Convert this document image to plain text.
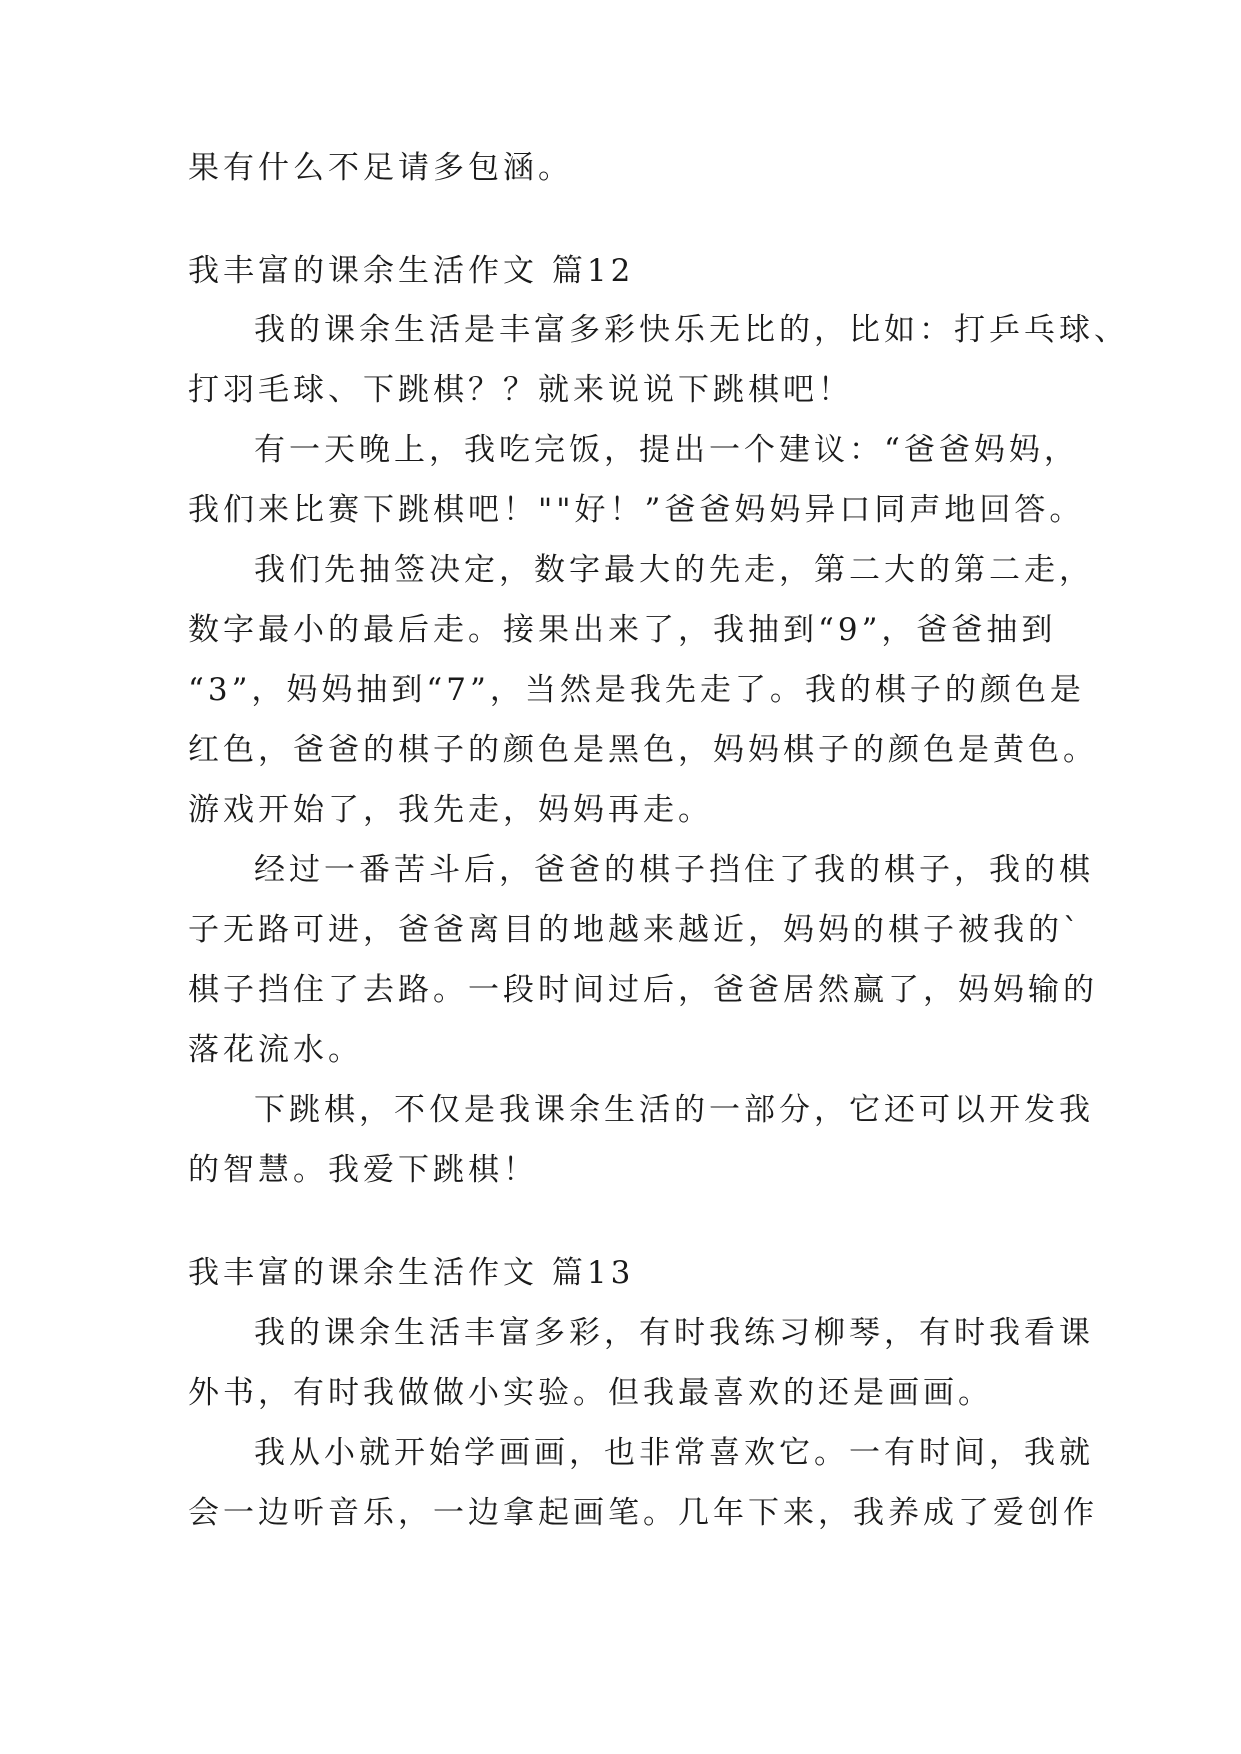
果有什么不足请多包涵。
我丰富的课余生活作文 篇12
我的课余生活是丰富多彩快乐无比的，比如：打乒乓球、
打羽毛球、下跳棋？？就来说说下跳棋吧！
有一天晚上，我吃完饭，提出一个建议：“爸爸妈妈，
我们来比赛下跳棋吧！""好！”爸爸妈妈异口同声地回答。
我们先抽签决定，数字最大的先走，第二大的第二走，
数字最小的最后走。接果出来了，我抽到“9”，爸爸抽到
“3”，妈妈抽到“7”，当然是我先走了。我的棋子的颜色是
红色，爸爸的棋子的颜色是黑色，妈妈棋子的颜色是黄色。
游戏开始了，我先走，妈妈再走。
经过一番苦斗后，爸爸的棋子挡住了我的棋子，我的棋
子无路可进，爸爸离目的地越来越近，妈妈的棋子被我的`
棋子挡住了去路。一段时间过后，爸爸居然赢了，妈妈输的
落花流水。
下跳棋，不仅是我课余生活的一部分，它还可以开发我
的智慧。我爱下跳棋！
我丰富的课余生活作文 篇13
我的课余生活丰富多彩，有时我练习柳琴，有时我看课
外书，有时我做做小实验。但我最喜欢的还是画画。
我从小就开始学画画，也非常喜欢它。一有时间，我就
会一边听音乐，一边拿起画笔。几年下来，我养成了爱创作
